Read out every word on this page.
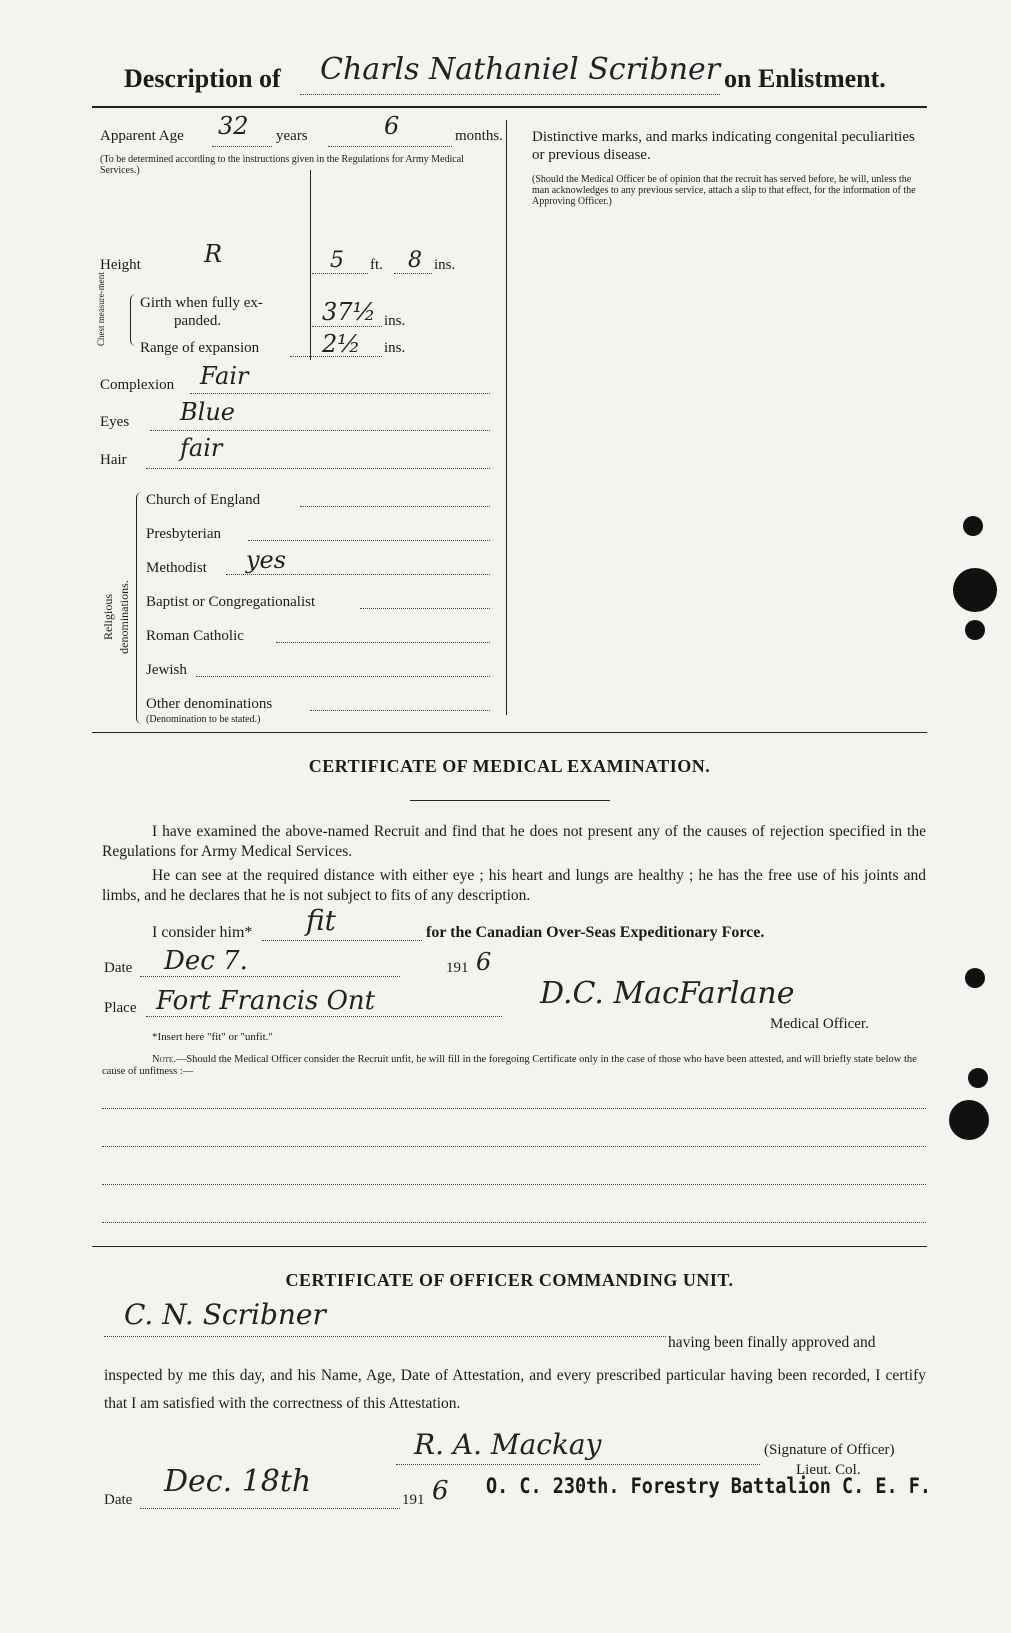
Description of Charls Nathaniel Scribner on Enlistment.
Apparent Age 32 years	6	months.
(To be determined according to the instructions given in the Regulations for Army Medical Services.)
Height	R	5 ft. 8 ins.
Chest measure-ment Girth when fully ex-
panded.	37½ ins.
Range of expansion	2½ ins.
Complexion Fair
Eyes Blue
Hair fair
Religious denominations.
Church of England
Presbyterian
Methodist yes
Baptist or Congregationalist
Roman Catholic
Jewish
Other denominations
(Denomination to be stated.)
Distinctive marks, and marks indicating congenital peculiarities or previous disease.
(Should the Medical Officer be of opinion that the recruit has served before, he will, unless the man acknowledges to any previous service, attach a slip to that effect, for the information of the Approving Officer.)
CERTIFICATE OF MEDICAL EXAMINATION.
I have examined the above-named Recruit and find that he does not present any of the causes of rejection specified in the Regulations for Army Medical Services.
He can see at the required distance with either eye ; his heart and lungs are healthy ; he has the free use of his joints and limbs, and he declares that he is not subject to fits of any description.
I consider him* fit	for the Canadian Over-Seas Expeditionary Force.
Date Dec 7.	191 6
Place Fort Francis Ont	D.C. MacFarlane
Medical Officer.
*Insert here "fit" or "unfit."
Note.—Should the Medical Officer consider the Recruit unfit, he will fill in the foregoing Certificate only in the case of those who have been attested, and will briefly state below the cause of unfitness :—
CERTIFICATE OF OFFICER COMMANDING UNIT.
C. N. Scribner
having been finally approved and
inspected by me this day, and his Name, Age, Date of Attestation, and every prescribed particular having been recorded, I certify that I am satisfied with the correctness of this Attestation.
R. A. Mackay	(Signature of Officer)
Lieut. Col.
Date
Dec. 18th
191 6 O. C. 230th. Forestry Battalion C. E. F.
